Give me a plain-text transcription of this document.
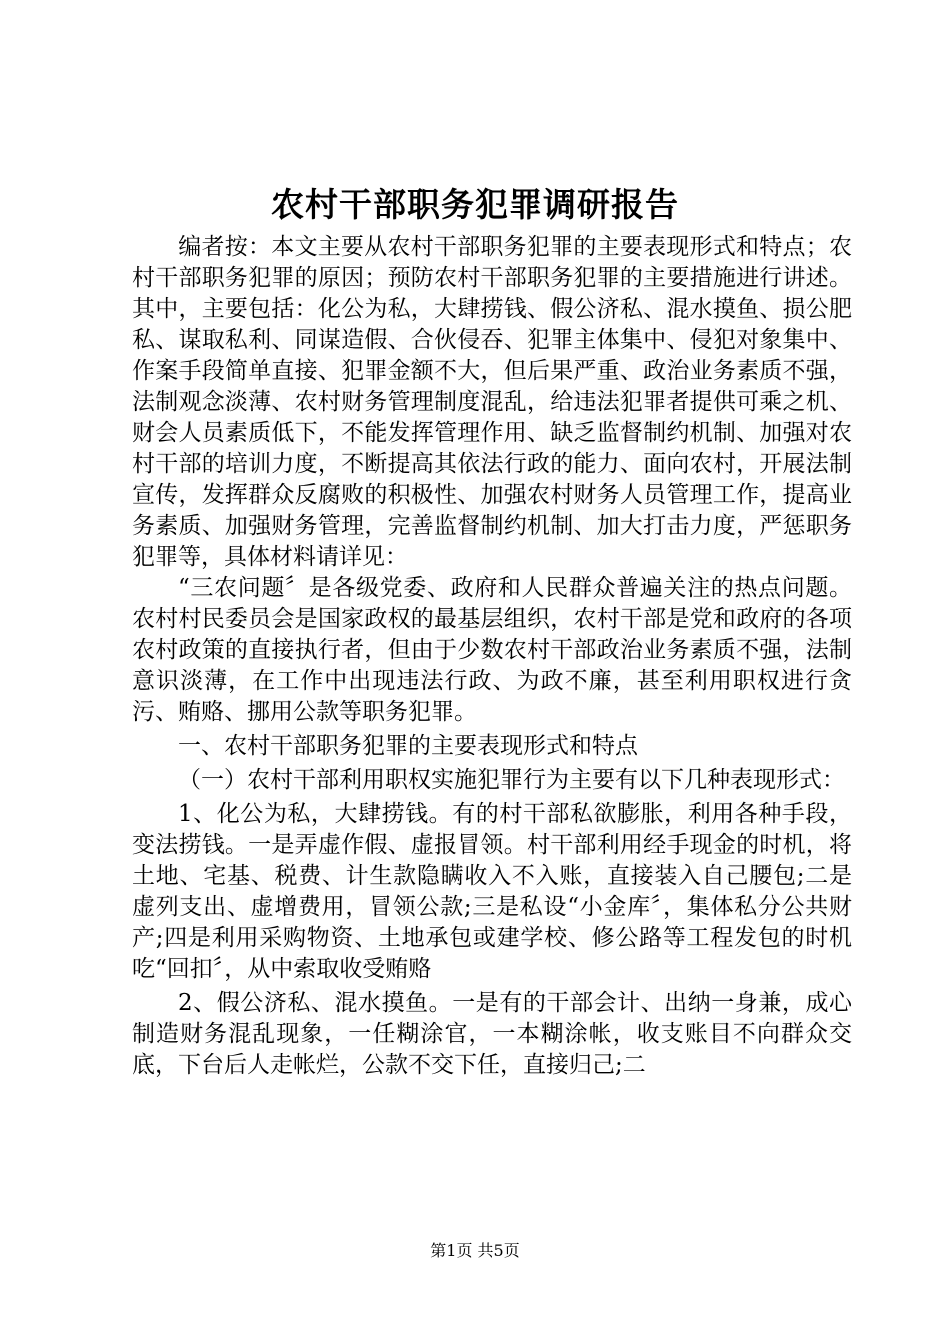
农村干部职务犯罪调研报告

编者按：本文主要从农村干部职务犯罪的主要表现形式和特点；农村干部职务犯罪的原因；预防农村干部职务犯罪的主要措施进行讲述。其中，主要包括：化公为私，大肆捞钱、假公济私、混水摸鱼、损公肥私、谋取私利、同谋造假、合伙侵吞、犯罪主体集中、侵犯对象集中、作案手段简单直接、犯罪金额不大，但后果严重、政治业务素质不强，法制观念淡薄、农村财务管理制度混乱，给违法犯罪者提供可乘之机、财会人员素质低下，不能发挥管理作用、缺乏监督制约机制、加强对农村干部的培训力度，不断提高其依法行政的能力、面向农村，开展法制宣传，发挥群众反腐败的积极性、加强农村财务人员管理工作，提高业务素质、加强财务管理，完善监督制约机制、加大打击力度，严惩职务犯罪等，具体材料请详见：

“三农问题〞是各级党委、政府和人民群众普遍关注的热点问题。农村村民委员会是国家政权的最基层组织，农村干部是党和政府的各项农村政策的直接执行者，但由于少数农村干部政治业务素质不强，法制意识淡薄，在工作中出现违法行政、为政不廉，甚至利用职权进行贪污、贿赂、挪用公款等职务犯罪。

一、农村干部职务犯罪的主要表现形式和特点

（一）农村干部利用职权实施犯罪行为主要有以下几种表现形式：

1、化公为私，大肆捞钱。有的村干部私欲膨胀，利用各种手段，变法捞钱。一是弄虚作假、虚报冒领。村干部利用经手现金的时机，将土地、宅基、税费、计生款隐瞒收入不入账，直接装入自己腰包;二是虚列支出、虚增费用，冒领公款;三是私设“小金库〞，集体私分公共财产;四是利用采购物资、土地承包或建学校、修公路等工程发包的时机吃“回扣〞，从中索取收受贿赂

2、假公济私、混水摸鱼。一是有的干部会计、出纳一身兼，成心制造财务混乱现象，一任糊涂官，一本糊涂帐，收支账目不向群众交底，下台后人走帐烂，公款不交下任，直接归己;二

第1页 共5页
